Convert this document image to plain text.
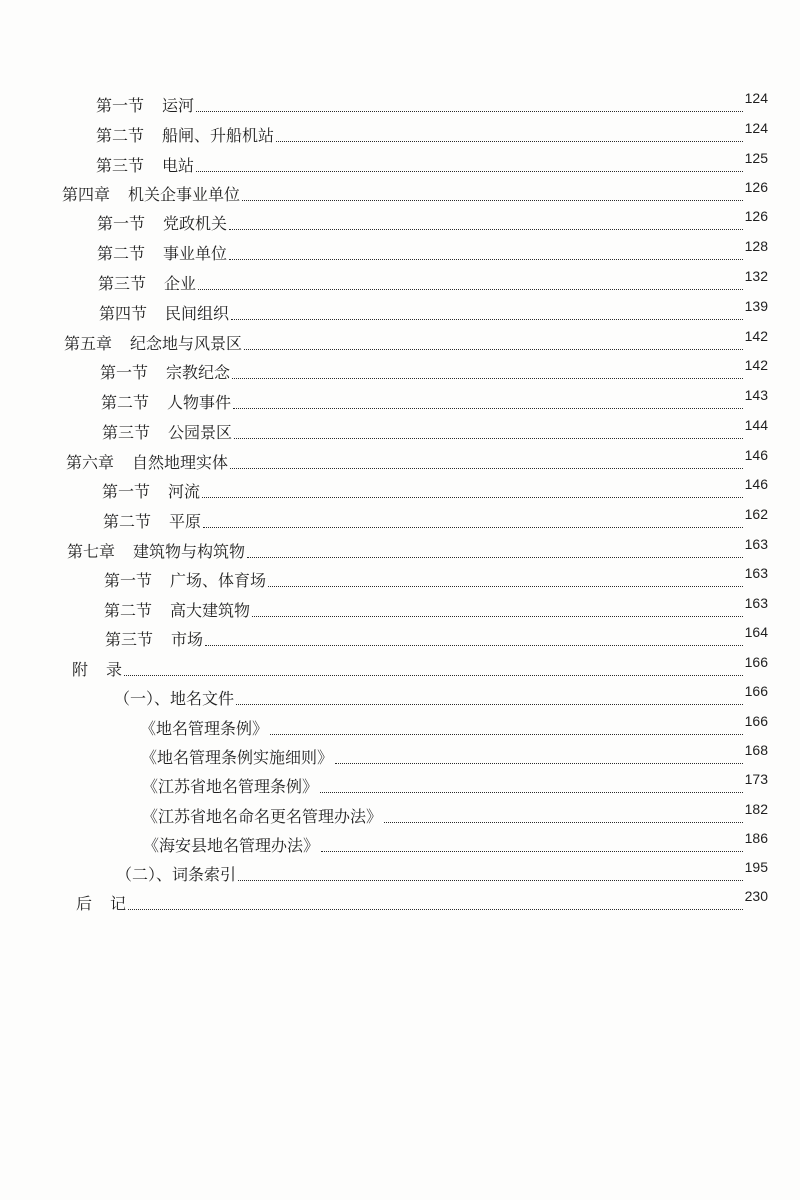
第一节 运河	124
第二节 船闸、升船机站	124
第三节 电站	125
第四章 机关企事业单位	126
第一节 党政机关	126
第二节 事业单位	128
第三节 企业	132
第四节 民间组织	139
第五章 纪念地与风景区	142
第一节 宗教纪念	142
第二节 人物事件	143
第三节 公园景区	144
第六章 自然地理实体	146
第一节 河流	146
第二节 平原	162
第七章 建筑物与构筑物	163
第一节 广场、体育场	163
第二节 高大建筑物	163
第三节 市场	164
附 录	166
（一）、地名文件	166
《地名管理条例》	166
《地名管理条例实施细则》	168
《江苏省地名管理条例》	173
《江苏省地名命名更名管理办法》	182
《海安县地名管理办法》	186
（二）、词条索引	195
后 记	230
